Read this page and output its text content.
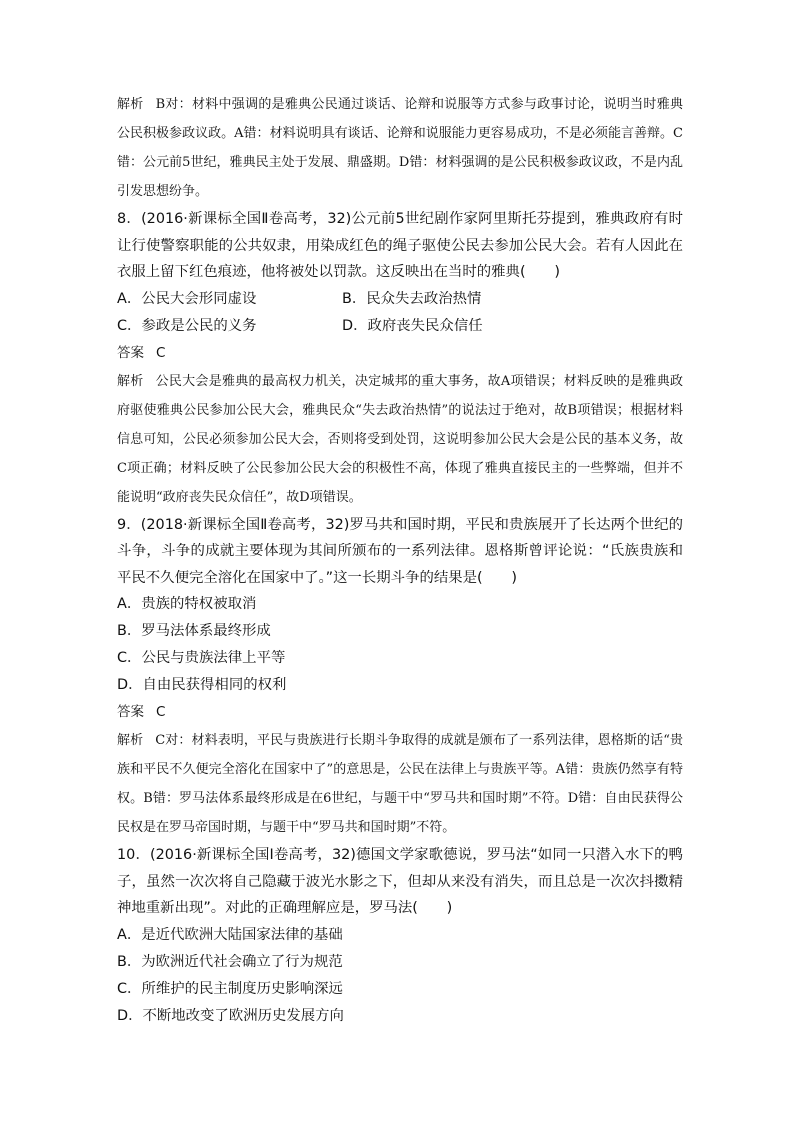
解析 B对：材料中强调的是雅典公民通过谈话、论辩和说服等方式参与政事讨论，说明当时雅典公民积极参政议政。A错：材料说明具有谈话、论辩和说服能力更容易成功，不是必须能言善辩。C错：公元前5世纪，雅典民主处于发展、鼎盛期。D错：材料强调的是公民积极参政议政，不是内乱引发思想纷争。

8．(2016·新课标全国Ⅱ卷高考，32)公元前5世纪剧作家阿里斯托芬提到，雅典政府有时让行使警察职能的公共奴隶，用染成红色的绳子驱使公民去参加公民大会。若有人因此在衣服上留下红色痕迹，他将被处以罚款。这反映出在当时的雅典(　　)

A．公民大会形同虚设	B．民众失去政治热情
C．参政是公民的义务	D．政府丧失民众信任

答案 C

解析 公民大会是雅典的最高权力机关，决定城邦的重大事务，故A项错误；材料反映的是雅典政府驱使雅典公民参加公民大会，雅典民众“失去政治热情”的说法过于绝对，故B项错误；根据材料信息可知，公民必须参加公民大会，否则将受到处罚，这说明参加公民大会是公民的基本义务，故C项正确；材料反映了公民参加公民大会的积极性不高，体现了雅典直接民主的一些弊端，但并不能说明“政府丧失民众信任”，故D项错误。

9．(2018·新课标全国Ⅱ卷高考，32)罗马共和国时期，平民和贵族展开了长达两个世纪的斗争，斗争的成就主要体现为其间所颁布的一系列法律。恩格斯曾评论说：“氏族贵族和平民不久便完全溶化在国家中了。”这一长期斗争的结果是(　　)

A．贵族的特权被取消
B．罗马法体系最终形成
C．公民与贵族法律上平等
D．自由民获得相同的权利

答案 C

解析 C对：材料表明，平民与贵族进行长期斗争取得的成就是颁布了一系列法律，恩格斯的话“贵族和平民不久便完全溶化在国家中了”的意思是，公民在法律上与贵族平等。A错：贵族仍然享有特权。B错：罗马法体系最终形成是在6世纪，与题干中“罗马共和国时期”不符。D错：自由民获得公民权是在罗马帝国时期，与题干中“罗马共和国时期”不符。

10．(2016·新课标全国Ⅰ卷高考，32)德国文学家歌德说，罗马法“如同一只潜入水下的鸭子，虽然一次次将自己隐藏于波光水影之下，但却从来没有消失，而且总是一次次抖擞精神地重新出现”。对此的正确理解应是，罗马法(　　)

A．是近代欧洲大陆国家法律的基础
B．为欧洲近代社会确立了行为规范
C．所维护的民主制度历史影响深远
D．不断地改变了欧洲历史发展方向
